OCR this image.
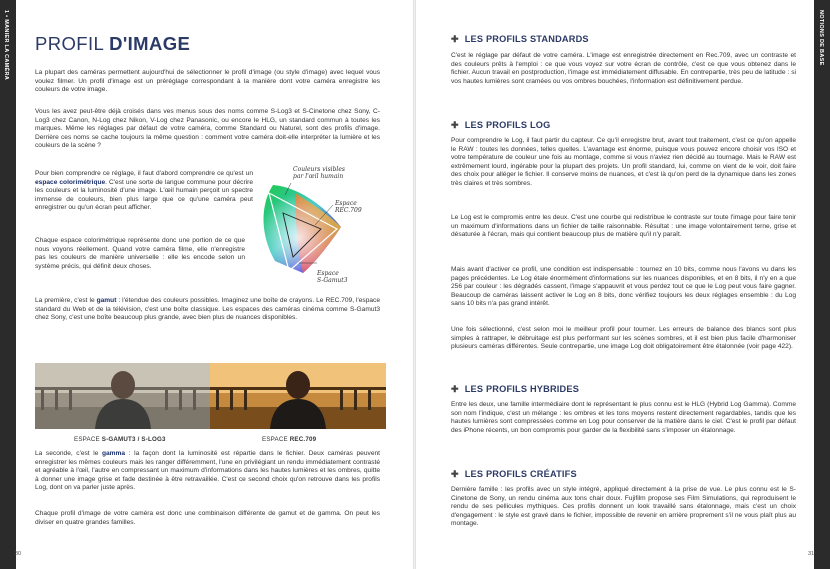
1 • MANIER LA CAMÉRA PROFIL D'IMAGE

La plupart des caméras permettent aujourd'hui de sélectionner le profil d'image (ou style d'image) avec lequel vous voulez filmer. Un profil d'image est un préréglage correspondant à la manière dont votre caméra enregistre les couleurs de votre image.

Vous les avez peut-être déjà croisés dans ves menus sous des noms comme S-Log3 et S-Cinetone chez Sony, C-Log3 chez Canon, N-Log chez Nikon, V-Log chez Panasonic, ou encore le HLG, un standard commun à toutes les marques. Même les réglages par défaut de votre caméra, comme Standard ou Naturel, sont des profils d'image. Derrière ces noms se cache toujours la même question : comment votre caméra doit-elle interpréter la lumière et les couleurs de la scène ?

Pour bien comprendre ce réglage, il faut d'abord comprendre ce qu'est un espace colorimétrique. C'est une sorte de langue commune pour décrire les couleurs et la luminosité d'une image. L'œil humain perçoit un spectre immense de couleurs, bien plus large que ce qu'une caméra peut enregistrer ou qu'un écran peut afficher.

Chaque espace colorimétrique représente donc une portion de ce que nous voyons réellement. Quand votre caméra filme, elle n'enregistre pas les couleurs de manière universelle : elle les encode selon un système précis, qui définit deux choses.

Couleurs visibles
par l'œil humain
Espace
REC.709
Espace
S-Gamut3

La première, c'est le gamut : l'étendue des couleurs possibles. Imaginez une boîte de crayons. Le REC.709, l'espace standard du Web et de la télévision, c'est une boîte classique. Les espaces des caméras cinéma comme S-Gamut3 chez Sony, c'est une boîte beaucoup plus grande, avec bien plus de nuances disponibles.

ESPACE S-GAMUT3 / S-LOG3	ESPACE REC.709

La seconde, c'est le gamma : la façon dont la luminosité est répartie dans le fichier. Deux caméras peuvent enregistrer les mêmes couleurs mais les ranger différemment, l'une en privilégiant un rendu immédiatement contrasté et agréable à l'œil, l'autre en compressant un maximum d'informations dans les hautes lumières et les ombres, quitte à donner une image grise et fade destinée à être retravaillée. C'est ce second choix qu'on retrouve dans les profils Log, dont on va parler juste après.

Chaque profil d'image de votre caméra est donc une combinaison différente de gamut et de gamma. On peut les diviser en quatre grandes familles.

30
NOTIONS DE BASE
✚ LES PROFILS STANDARDS

C'est le réglage par défaut de votre caméra. L'image est enregistrée directement en Rec.709, avec un contraste et des couleurs prêts à l'emploi : ce que vous voyez sur votre écran de contrôle, c'est ce que vous obtenez dans le fichier. Aucun travail en postproduction, l'image est immédiatement diffusable. En contrepartie, très peu de latitude : si vos hautes lumières sont cramées ou vos ombres bouchées, l'information est définitivement perdue.

✚ LES PROFILS LOG

Pour comprendre le Log, il faut partir du capteur. Ce qu'il enregistre brut, avant tout traitement, c'est ce qu'on appelle le RAW : toutes les données, telles quelles. L'avantage est énorme, puisque vous pouvez encore choisir vos ISO et votre température de couleur une fois au montage, comme si vous n'aviez rien décidé au tournage. Mais le RAW est extrêmement lourd, ingérable pour la plupart des projets. Un profil standard, lui, comme on vient de le voir, doit faire des choix pour alléger le fichier. Il conserve moins de nuances, et c'est là qu'on perd de la dynamique dans les zones très claires et très sombres.

Le Log est le compromis entre les deux. C'est une courbe qui redistribue le contraste sur toute l'image pour faire tenir un maximum d'informations dans un fichier de taille raisonnable. Résultat : une image volontairement terne, grise et désaturée à l'écran, mais qui contient beaucoup plus de matière qu'il n'y paraît.

Mais avant d'activer ce profil, une condition est indispensable : tournez en 10 bits, comme nous l'avons vu dans les pages précédentes. Le Log étale énormément d'informations sur les nuances disponibles, et en 8 bits, il n'y en a que 256 par couleur : les dégradés cassent, l'image s'appauvrit et vous perdez tout ce que le Log peut vous faire gagner. Beaucoup de caméras laissent activer le Log en 8 bits, donc vérifiez toujours les deux réglages ensemble : du Log sans 10 bits n'a pas grand intérêt.

Une fois sélectionné, c'est selon moi le meilleur profil pour tourner. Les erreurs de balance des blancs sont plus simples à rattraper, le débruitage est plus performant sur les scènes sombres, et il est bien plus facile d'harmoniser plusieurs caméras différentes. Seule contrepartie, une image Log doit obligatoirement être étalonnée (voir page 422).

✚ LES PROFILS HYBRIDES

Entre les deux, une famille intermédiaire dont le représentant le plus connu est le HLG (Hybrid Log Gamma). Comme son nom l'indique, c'est un mélange : les ombres et les tons moyens restent directement regardables, tandis que les hautes lumières sont compressées comme en Log pour conserver de la matière dans le ciel. C'est le profil par défaut des iPhone récents, un bon compromis pour garder de la flexibilité sans s'imposer un étalonnage.

✚ LES PROFILS CRÉATIFS

Dernière famille : les profils avec un style intégré, appliqué directement à la prise de vue. Le plus connu est le S-Cinetone de Sony, un rendu cinéma aux tons chair doux. Fujifilm propose ses Film Simulations, qui reproduisent le rendu de ses pellicules mythiques. Ces profils donnent un look travaillé sans étalonnage, mais c'est un choix d'engagement : le style est gravé dans le fichier, impossible de revenir en arrière proprement s'il ne vous plaît plus au montage.

31
